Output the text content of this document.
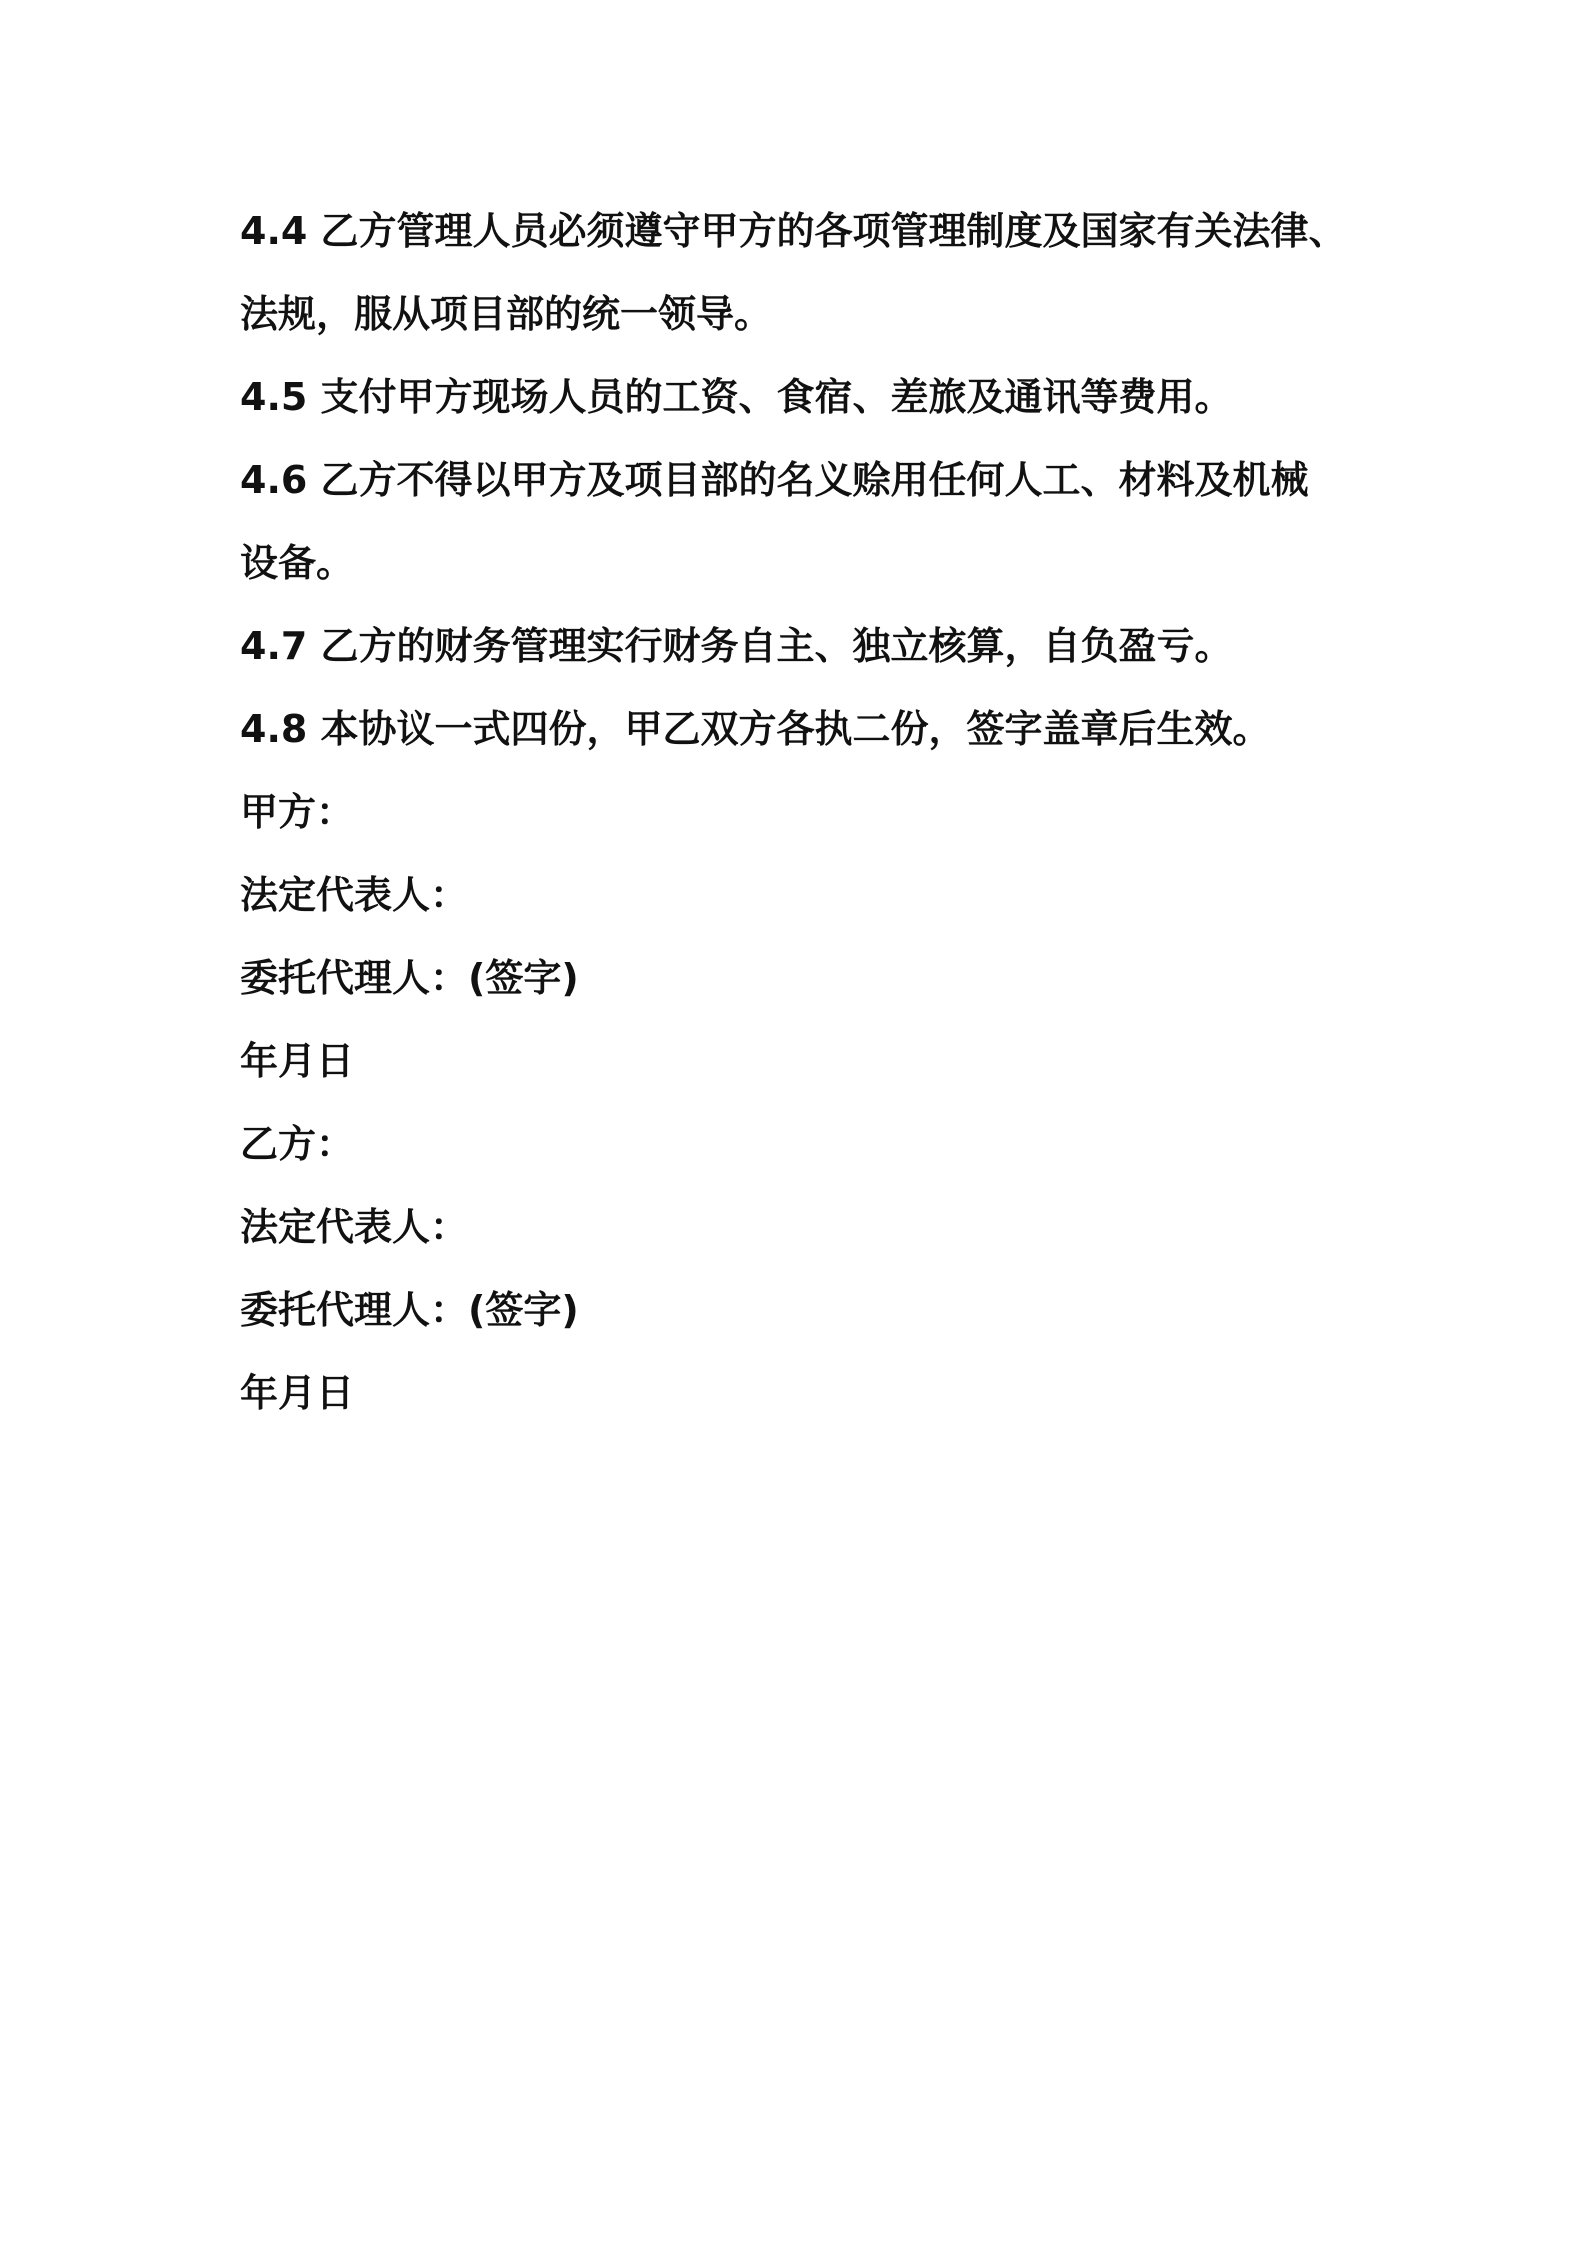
4.4 乙方管理人员必须遵守甲方的各项管理制度及国家有关法律、
法规，服从项目部的统一领导。
4.5 支付甲方现场人员的工资、食宿、差旅及通讯等费用。
4.6 乙方不得以甲方及项目部的名义赊用任何人工、材料及机械
设备。
4.7 乙方的财务管理实行财务自主、独立核算，自负盈亏。
4.8 本协议一式四份，甲乙双方各执二份，签字盖章后生效。
甲方：
法定代表人：
委托代理人：(签字)
年月日
乙方：
法定代表人：
委托代理人：(签字)
年月日
